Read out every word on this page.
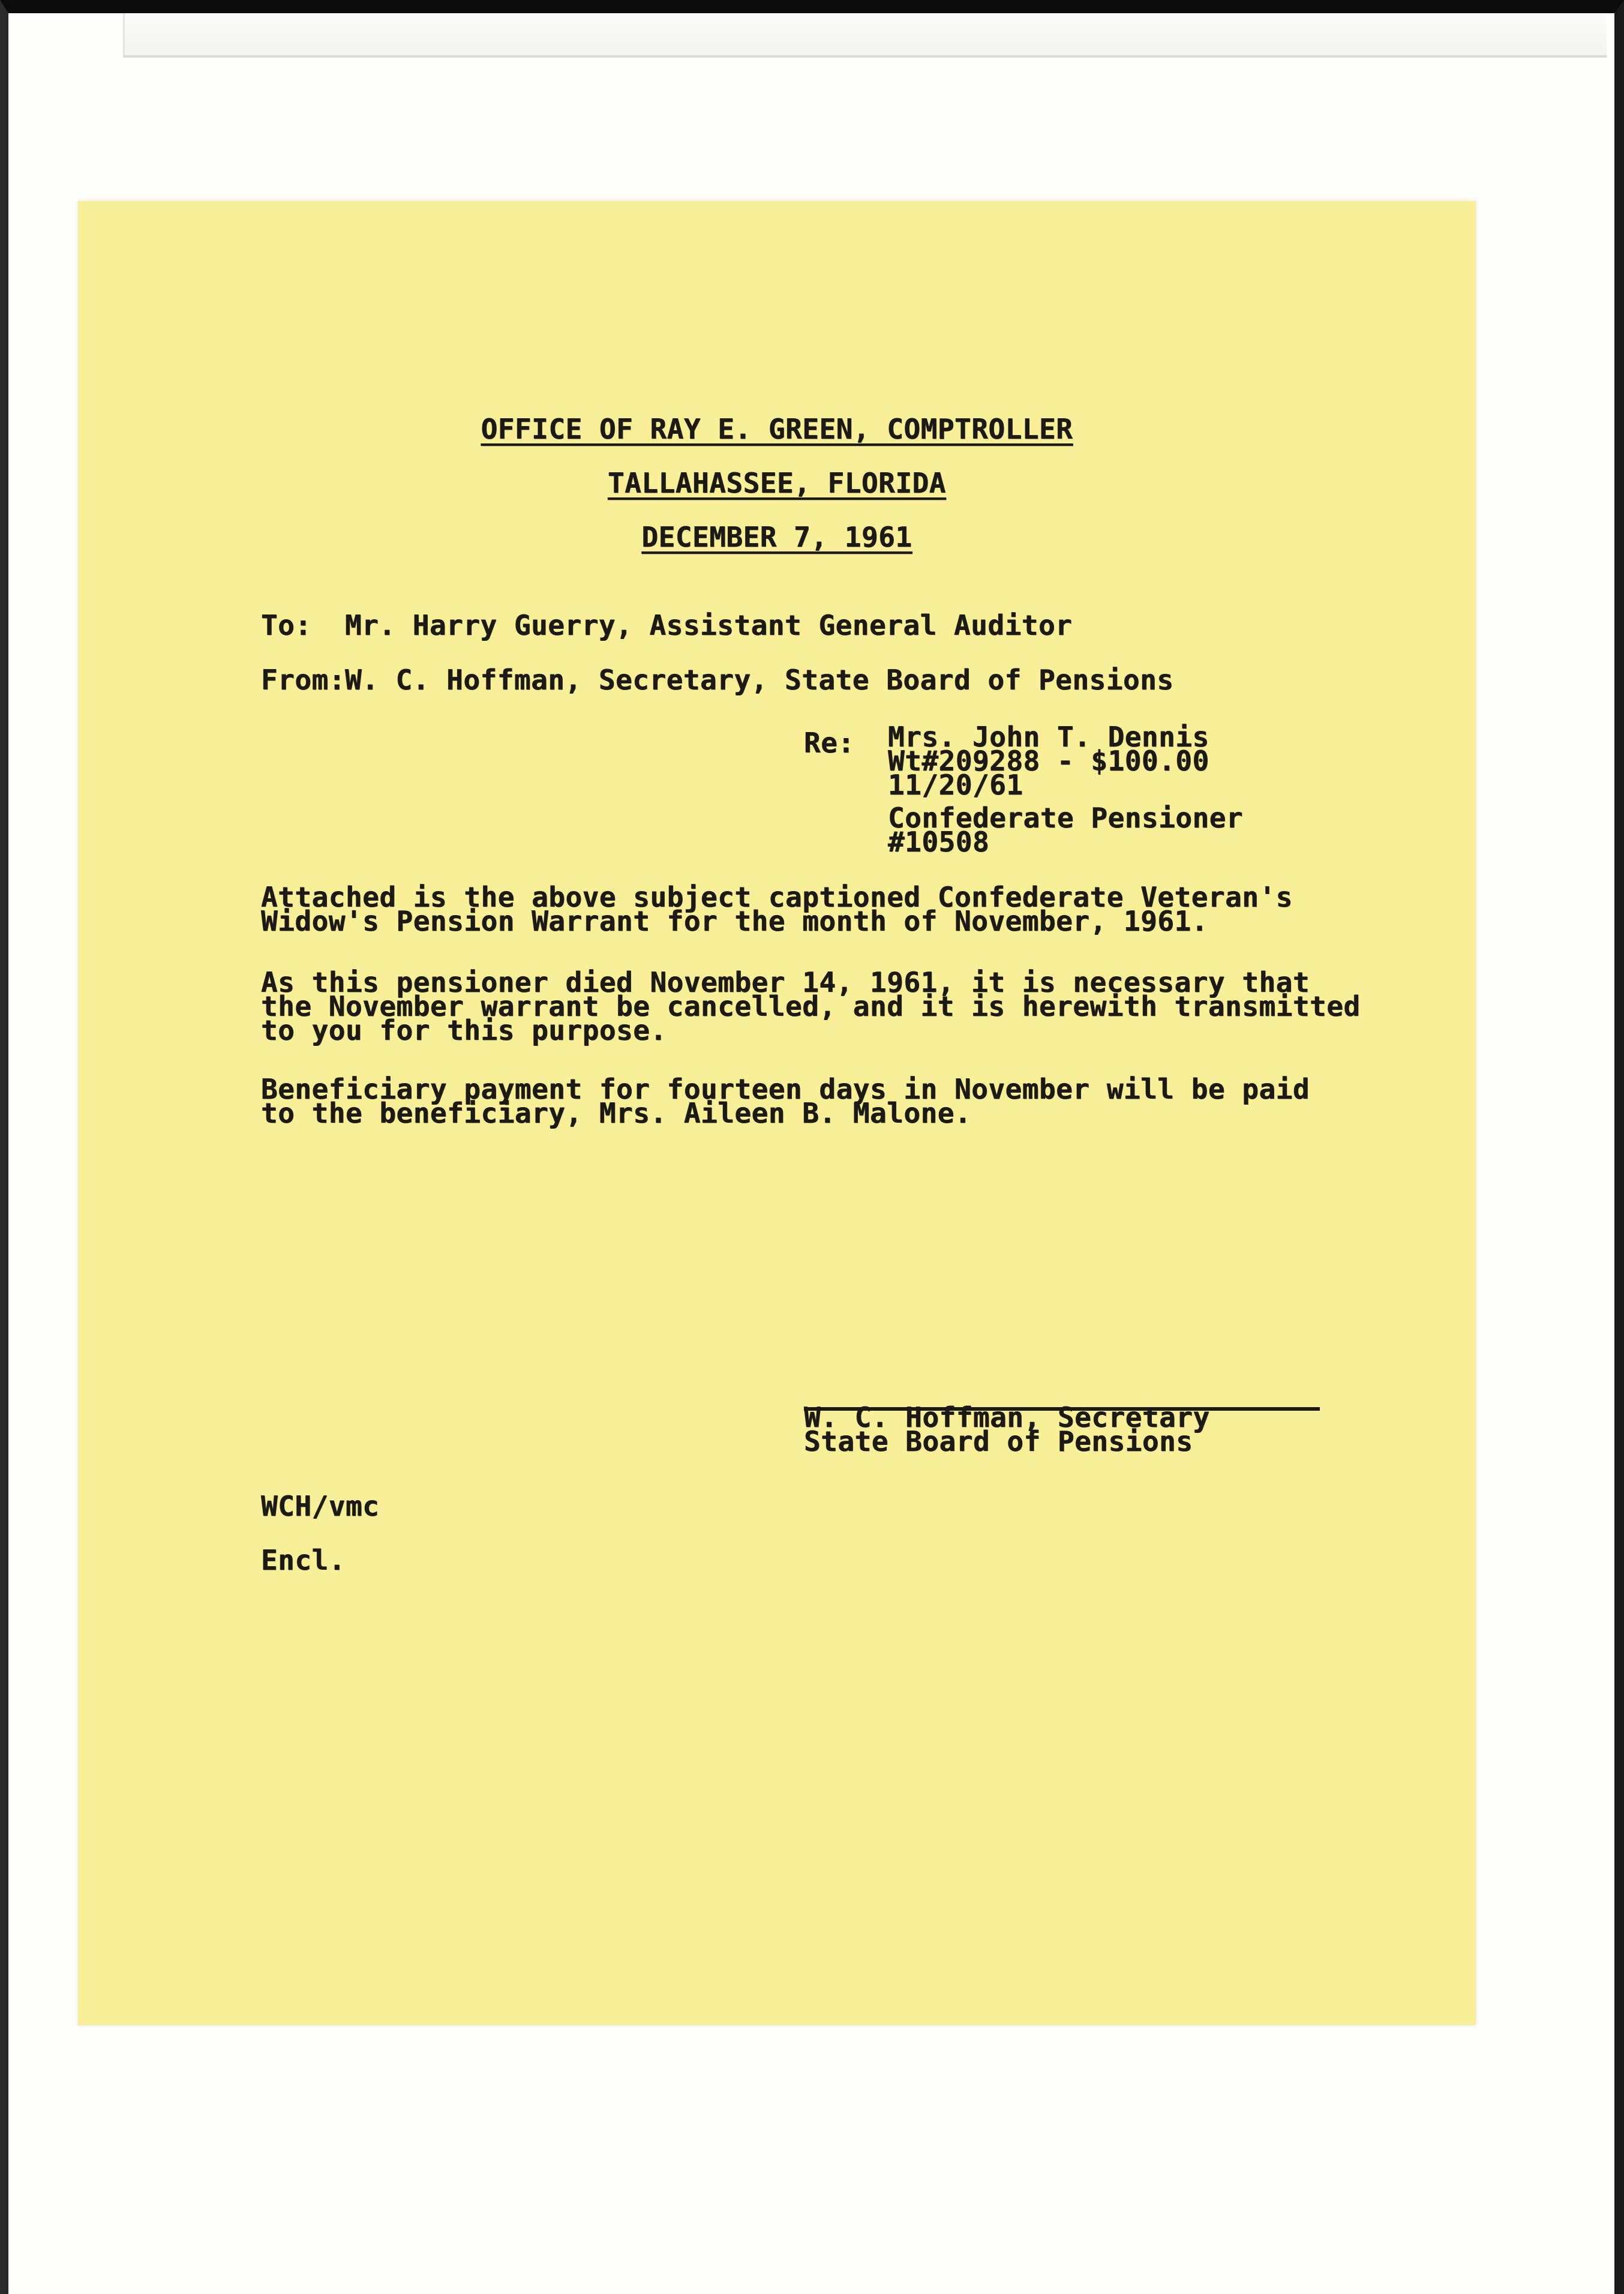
OFFICE OF RAY E. GREEN, COMPTROLLER
TALLAHASSEE, FLORIDA
DECEMBER 7, 1961
To: Mr. Harry Guerry, Assistant General Auditor
From: W. C. Hoffman, Secretary, State Board of Pensions
Re: Mrs. John T. Dennis
Wt#209288 - $100.00
11/20/61
Confederate Pensioner
#10508
Attached is the above subject captioned Confederate Veteran's
Widow's Pension Warrant for the month of November, 1961.
As this pensioner died November 14, 1961, it is necessary that
the November warrant be cancelled, and it is herewith transmitted
to you for this purpose.
Beneficiary payment for fourteen days in November will be paid
to the beneficiary, Mrs. Aileen B. Malone.
W. C. Hoffman, Secretary
State Board of Pensions
WCH/vmc
Encl.
